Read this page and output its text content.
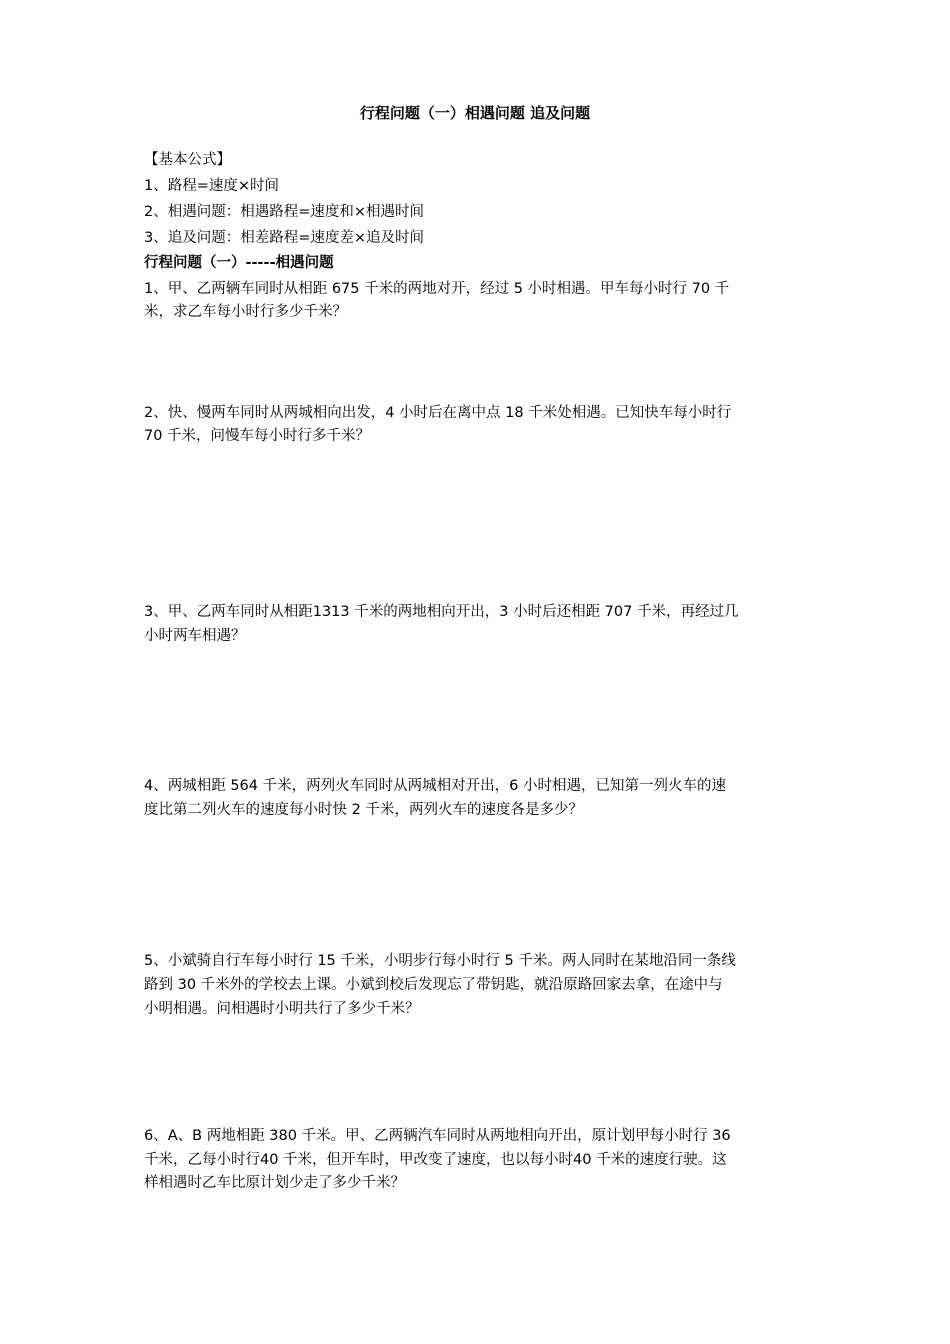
行程问题（一）相遇问题 追及问题
【基本公式】
1、路程=速度×时间
2、相遇问题：相遇路程=速度和×相遇时间
3、追及问题：相差路程=速度差×追及时间
行程问题（一）-----相遇问题
1、甲、乙两辆车同时从相距 675 千米的两地对开，经过 5 小时相遇。甲车每小时行 70 千
米，求乙车每小时行多少千米？
2、快、慢两车同时从两城相向出发，4 小时后在离中点 18 千米处相遇。已知快车每小时行
70 千米，问慢车每小时行多千米？
3、甲、乙两车同时从相距1313 千米的两地相向开出，3 小时后还相距 707 千米，再经过几
小时两车相遇？
4、两城相距 564 千米，两列火车同时从两城相对开出，6 小时相遇，已知第一列火车的速
度比第二列火车的速度每小时快 2 千米，两列火车的速度各是多少？
5、小斌骑自行车每小时行 15 千米，小明步行每小时行 5 千米。两人同时在某地沿同一条线
路到 30 千米外的学校去上课。小斌到校后发现忘了带钥匙，就沿原路回家去拿，在途中与
小明相遇。问相遇时小明共行了多少千米？
6、A、B 两地相距 380 千米。甲、乙两辆汽车同时从两地相向开出，原计划甲每小时行 36
千米，乙每小时行40 千米，但开车时，甲改变了速度，也以每小时40 千米的速度行驶。这
样相遇时乙车比原计划少走了多少千米？
